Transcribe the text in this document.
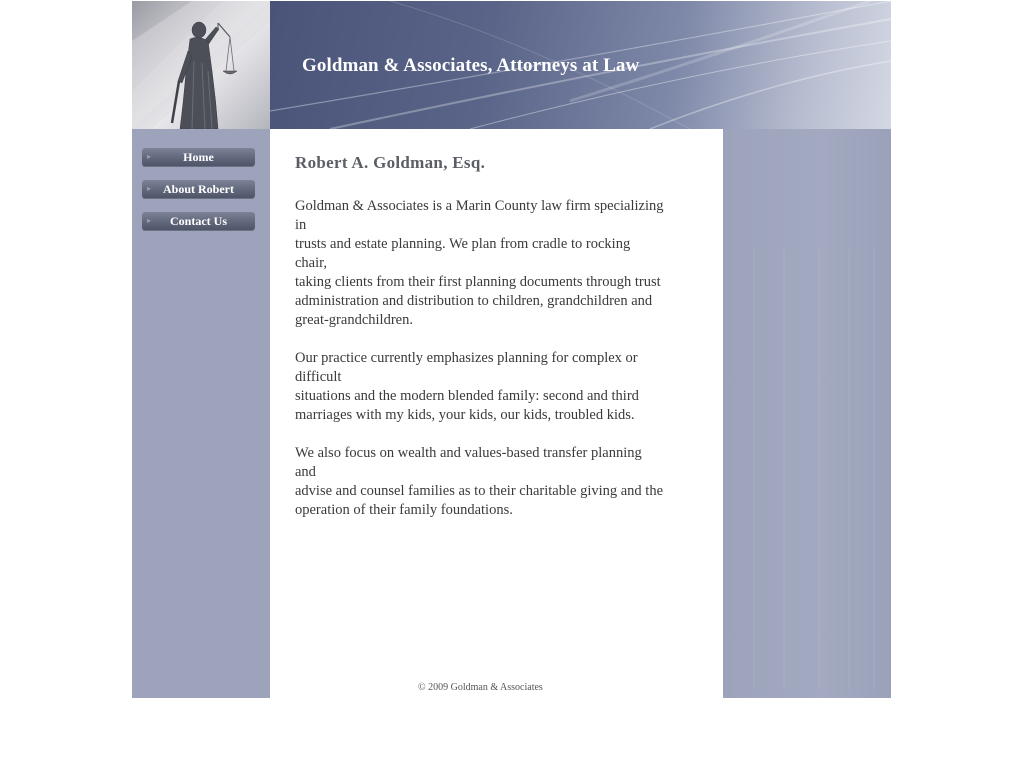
Goldman & Associates, Attorneys at Law
▸	Home
▸ About Robert
▸ Contact Us
Robert A. Goldman, Esq.

Goldman & Associates is a Marin County law firm specializing
in
trusts and estate planning. We plan from cradle to rocking
chair,
taking clients from their first planning documents through trust
administration and distribution to children, grandchildren and
great-grandchildren.

Our practice currently emphasizes planning for complex or
difficult
situations and the modern blended family: second and third
marriages with my kids, your kids, our kids, troubled kids.

We also focus on wealth and values-based transfer planning
and
advise and counsel families as to their charitable giving and the
operation of their family foundations.

© 2009 Goldman & Associates
